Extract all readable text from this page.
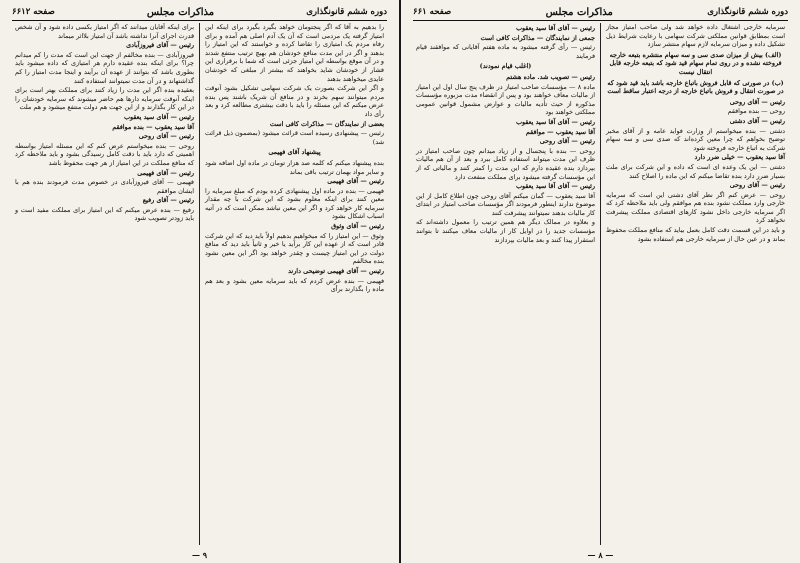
دوره ششم قانونگذاری
مذاکرات مجلس
صفحه ۶۶۱۲

را بدهیم به آقا که اگر پنجتومان خواهد بگیرد بگیرد برای اینکه این امتیاز گرفته یک مردمی است که آن یک آدم اصلی هم آمده و برای رفاه مردم یک امتیازی را تقاضا کرده و خواستند که این امتیاز را بدهند و اگر در این مدت منافع خودشان هم بهیچ ترتیب منتفع شدند و در آن موقع بواسطه این امتیاز جزئی است که شما با برقراری این فشار از خودشان شاید بخواهند که بیشتر از مبلغی که خودشان عایدی میخواهند بدهند

و اگر این شرکت بصورت یک شرکت سهامی تشکیل بشود آنوقت مردم میتوانند سهم بخرند و در منافع آن شریک باشند پس بنده عرض میکنم که این مسئله را باید با دقت بیشتری مطالعه کرد و بعد رأی داد

بعضی از نمایندگان — مذاکرات کافی است

رئیس — پیشنهادی رسیده است قرائت میشود (بمضمون ذیل قرائت شد)

پیشنهاد آقای فهیمی

بنده پیشنهاد میکنم که کلمه صد هزار تومان در ماده اول اضافه شود و سایر مواد بهمان ترتیب باقی بماند

رئیس — آقای فهیمی

فهیمی — بنده در ماده اول پیشنهادی کرده بودم که مبلغ سرمایه را معین کنند برای اینکه معلوم بشود که این شرکت با چه مقدار سرمایه کار خواهد کرد و اگر این معین نباشد ممکن است که در آتیه اسباب اشکال بشود

رئیس — آقای وثوق

وثوق — این امتیاز را که میخواهیم بدهیم اولاً باید دید که این شرکت قادر است که از عهده این کار برآید یا خیر و ثانیاً باید دید که منافع دولت در این امتیاز چیست و چقدر خواهد بود اگر این معین نشود بنده مخالفم

رئیس — آقای فهیمی توضیحی دارند

فهیمی — بنده عرض کردم که باید سرمایه معین بشود و بعد هم ماده را بگذارند برأی

برای اینکه آقایان میدانند که اگر امتیاز بکسی داده شود و آن شخص قدرت اجرای آنرا نداشته باشد آن امتیاز بلااثر میماند

رئیس — آقای فیروزآبادی

فیروزآبادی — بنده مخالفم از جهت این است که مدت را کم میدانم چرا؟ برای اینکه بنده عقیده دارم هر امتیازی که داده میشود باید بطوری باشد که بتوانند از عهده آن برآیند و اینجا مدت امتیاز را کم گذاشتهاند و در آن مدت نمیتوانند استفاده کنند

بعقیده بنده اگر این مدت را زیاد کنند برای مملکت بهتر است برای اینکه آنوقت سرمایه دارها هم حاضر میشوند که سرمایه خودشان را در این کار بگذارند و از این جهت هم دولت منتفع میشود و هم ملت

رئیس — آقای سید یعقوب

آقا سید یعقوب — بنده موافقم

رئیس — آقای روحی

روحی — بنده میخواستم عرض کنم که این مسئله امتیاز بواسطه اهمیتی که دارد باید با دقت کامل رسیدگی بشود و باید ملاحظه کرد که منافع مملکت در این امتیاز از هر جهت محفوظ باشد

رئیس — آقای فهیمی

فهیمی — آقای فیروزآبادی در خصوص مدت فرمودند بنده هم با ایشان موافقم

رئیس — آقای رفیع

رفیع — بنده عرض میکنم که این امتیاز برای مملکت مفید است و باید زودتر تصویب شود

۹ —
دوره ششم قانونگذاری
مذاکرات مجلس
صفحه ۶۶۱

سرمایه خارجی اشتغال داده خواهد شد ولی صاحب امتیاز مجاز است بمطابق قوانین مملکتی شرکت سهامی با رعایت شرایط ذیل تشکیل داده و میزان سرمایه لازم سهام منتشر سازد

(الف) بیش از میزان صدی سی و سه سهام منتشره بتبعه خارجه فروخته نشده و در روی تمام سهام قید شود که بتبعه خارجه قابل انتقال نیست

(ب) در صورتی که قابل فروش باتباع خارجه باشد باید قید شود که در صورت انتقال و فروش باتباع خارجه از درجه اعتبار ساقط است

رئیس — آقای روحی

روحی — بنده موافقم

رئیس — آقای دشتی

دشتی — بنده میخواستم از وزارت فواید عامه و از آقای مخبر توضیح بخواهم که چرا معین کرده‌اند که صدی سی و سه سهام شرکت به اتباع خارجه فروخته شود

آقا سید یعقوب — خیلی ضرر دارد

دشتی — این یک وعده ای است که داده و این شرکت برای ملت بسیار ضرر دارد بنده تقاضا میکنم که این ماده را اصلاح کنند

رئیس — آقای روحی

روحی — عرض کنم اگر نظر آقای دشتی این است که سرمایه خارجی وارد مملکت نشود بنده هم موافقم ولی باید ملاحظه کرد که اگر سرمایه خارجی داخل نشود کارهای اقتصادی مملکت پیشرفت نخواهد کرد

و باید در این قسمت دقت کامل بعمل بیاید که منافع مملکت محفوظ بماند و در عین حال از سرمایه خارجی هم استفاده بشود

رئیس — آقای آقا سید یعقوب

جمعی از نمایندگان — مذاکرات کافی است

رئیس — رأی گرفته میشود به ماده هفتم آقایانی که موافقند قیام فرمایند

(اغلب قیام نمودند)

رئیس — تصویب شد. ماده هشتم

ماده ۸ — مؤسسات صاحب امتیاز در ظرف پنج سال اول این امتیاز از مالیات معاف خواهند بود و پس از انقضاء مدت مزبوره مؤسسات مذکوره از حیث تأدیه مالیات و عوارض مشمول قوانین عمومی مملکتی خواهند بود

رئیس — آقای آقا سید یعقوب

آقا سید یعقوب — موافقم

رئیس — آقای روحی

روحی — بنده با پنجسال و از زیاد میدانم چون صاحب امتیاز در ظرف این مدت میتواند استفاده کامل ببرد و بعد از آن هم مالیات بپردازد بنده عقیده دارم که این مدت را کمتر کنند و مالیاتی که از این مؤسسات گرفته میشود برای مملکت منفعت دارد

رئیس — آقای آقا سید یعقوب

آقا سید یعقوب — گمان میکنم آقای روحی چون اطلاع کامل از این موضوع ندارند اینطور فرمودند اگر مؤسسات صاحب امتیاز در ابتدای کار مالیات بدهند نمیتوانند پیشرفت کنند

و بعلاوه در ممالک دیگر هم همین ترتیب را معمول داشته‌اند که مؤسسات جدید را در اوایل کار از مالیات معاف میکنند تا بتوانند استقرار پیدا کنند و بعد مالیات بپردازند

— ۸ —
